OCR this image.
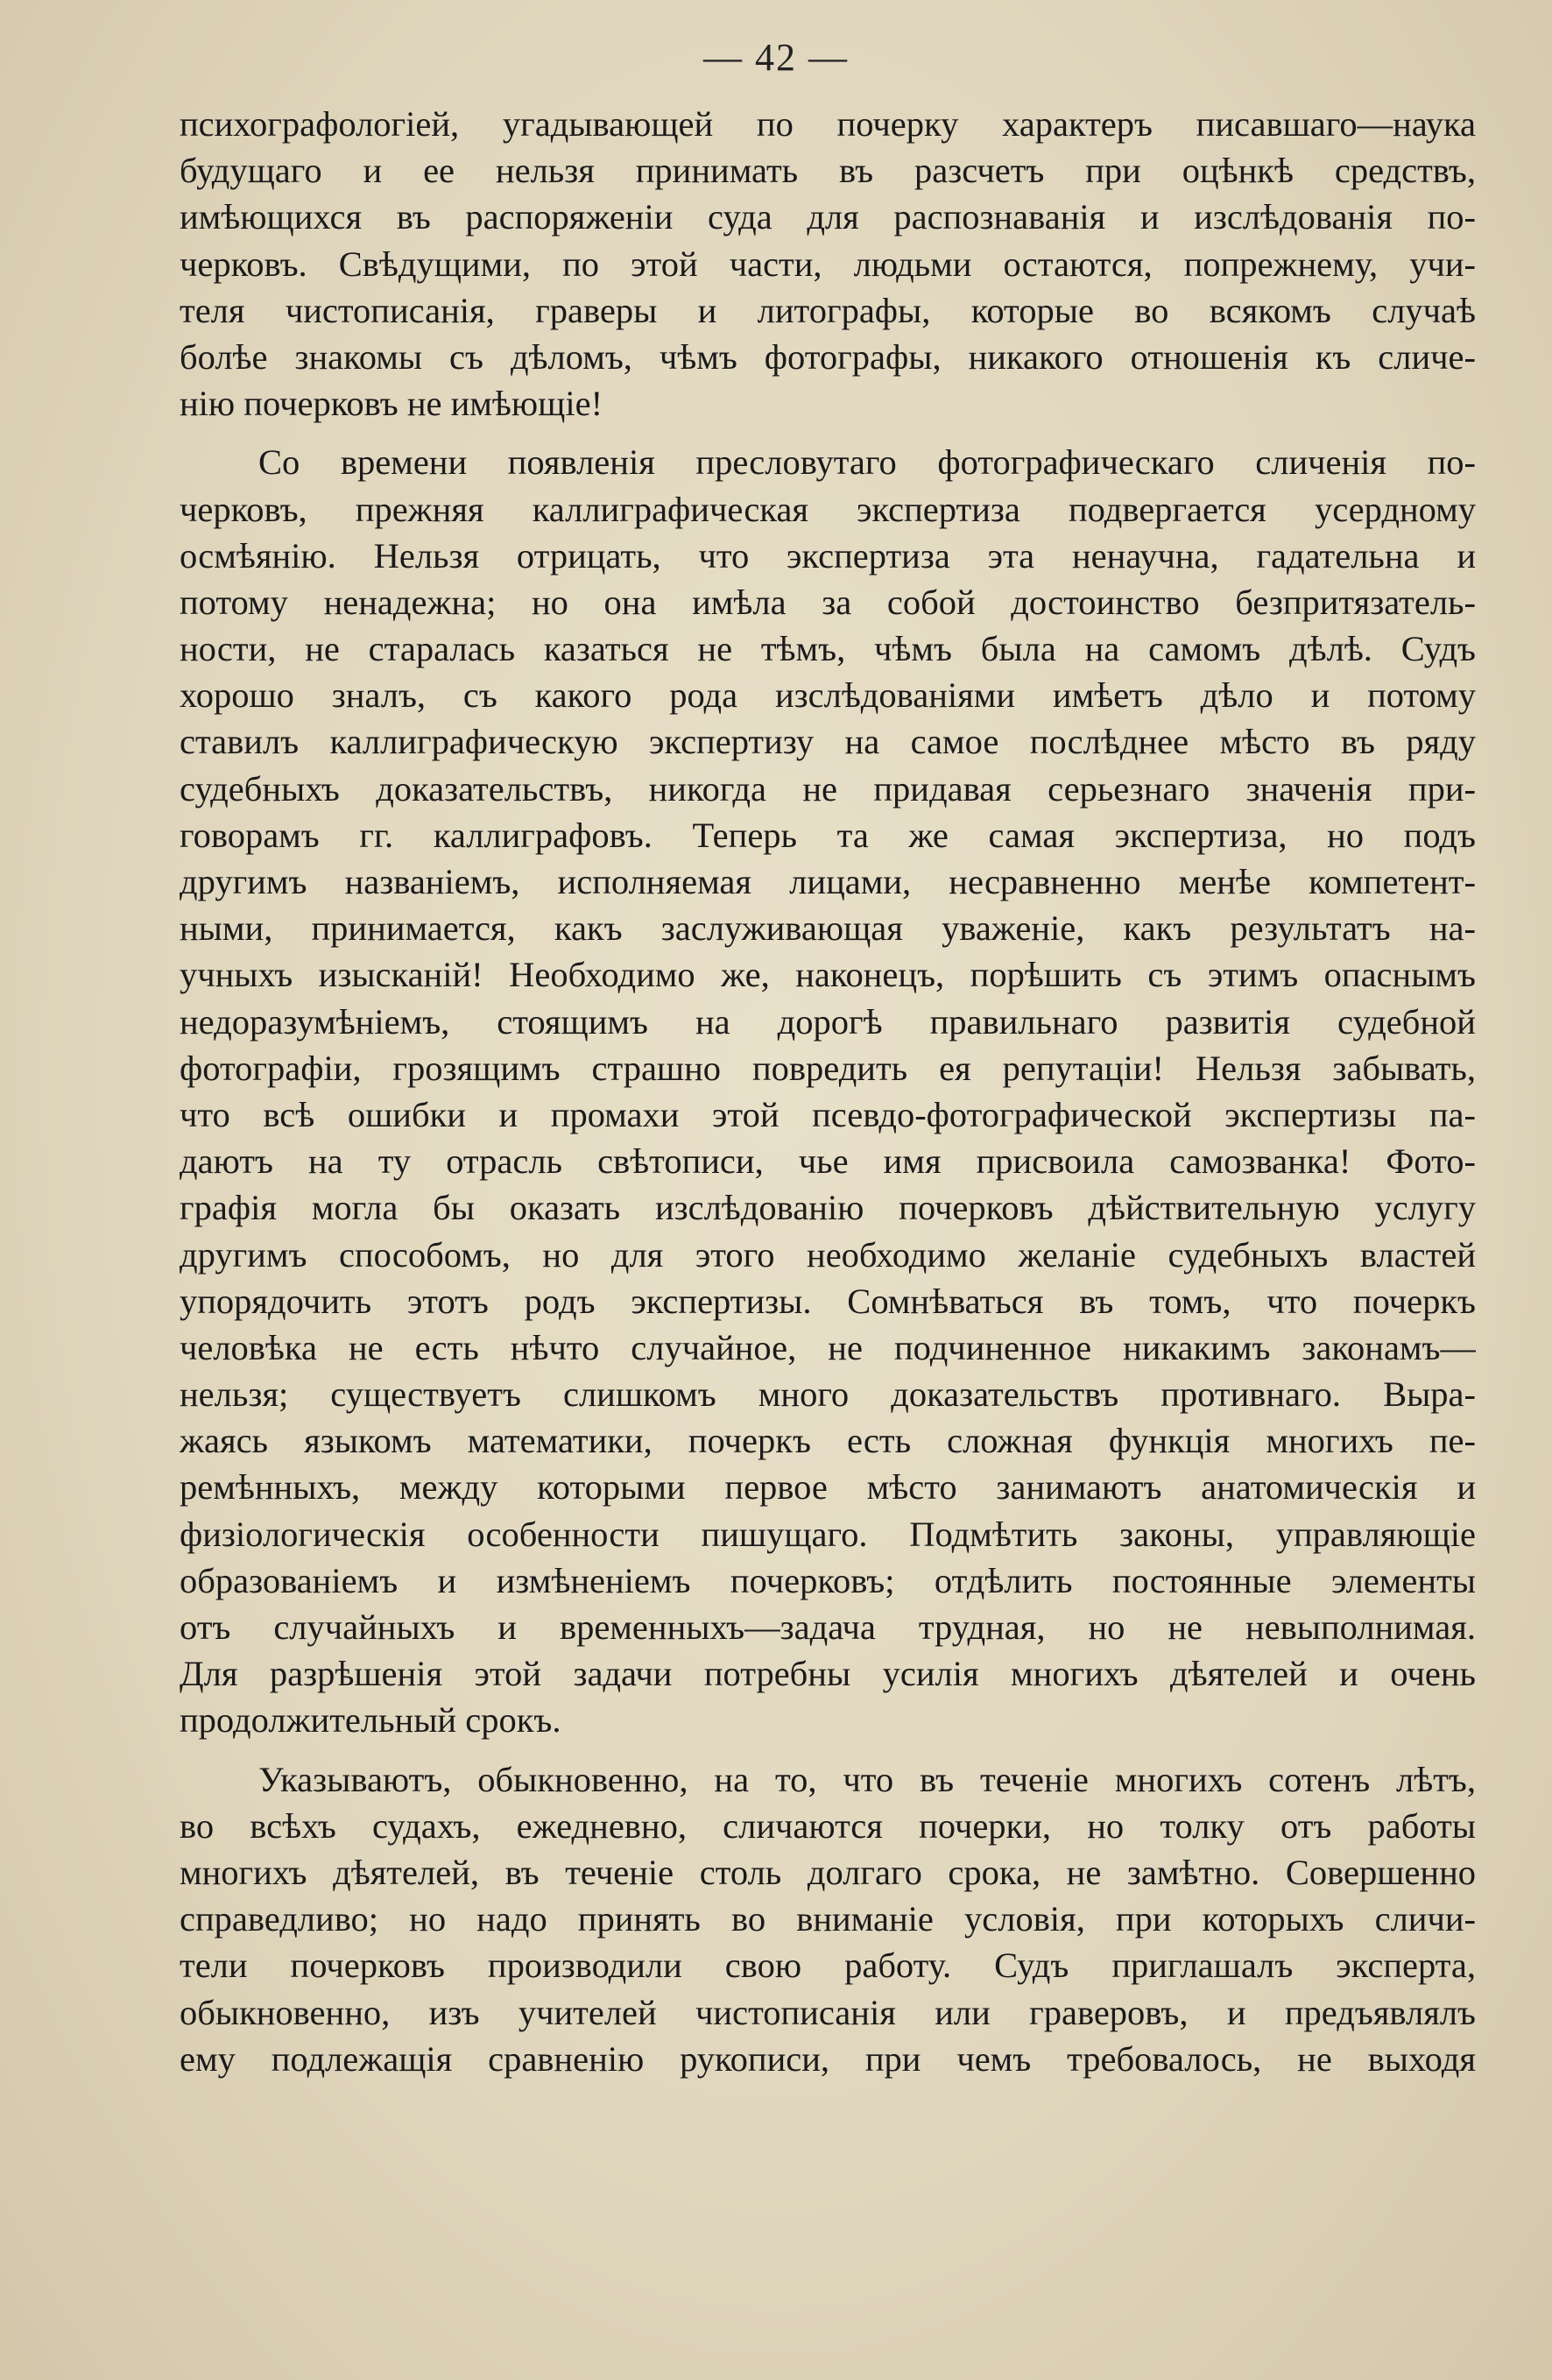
— 42 —
психографологіей, угадывающей по почерку характеръ писавшаго—наука
будущаго и ее нельзя принимать въ разсчетъ при оцѣнкѣ средствъ,
имѣющихся въ распоряженіи суда для распознаванія и изслѣдованія по-
черковъ. Свѣдущими, по этой части, людьми остаются, попрежнему, учи-
теля чистописанія, граверы и литографы, которые во всякомъ случаѣ
болѣе знакомы съ дѣломъ, чѣмъ фотографы, никакого отношенія къ сличе-
нію почерковъ не имѣющіе!
Со времени появленія пресловутаго фотографическаго сличенія по-
черковъ, прежняя каллиграфическая экспертиза подвергается усердному
осмѣянію. Нельзя отрицать, что экспертиза эта ненаучна, гадательна и
потому ненадежна; но она имѣла за собой достоинство безпритязатель-
ности, не старалась казаться не тѣмъ, чѣмъ была на самомъ дѣлѣ. Судъ
хорошо зналъ, съ какого рода изслѣдованіями имѣетъ дѣло и потому
ставилъ каллиграфическую экспертизу на самое послѣднее мѣсто въ ряду
судебныхъ доказательствъ, никогда не придавая серьезнаго значенія при-
говорамъ гг. каллиграфовъ. Теперь та же самая экспертиза, но подъ
другимъ названіемъ, исполняемая лицами, несравненно менѣе компетент-
ными, принимается, какъ заслуживающая уваженіе, какъ результатъ на-
учныхъ изысканій! Необходимо же, наконецъ, порѣшить съ этимъ опаснымъ
недоразумѣніемъ, стоящимъ на дорогѣ правильнаго развитія судебной
фотографіи, грозящимъ страшно повредить ея репутаціи! Нельзя забывать,
что всѣ ошибки и промахи этой псевдо-фотографической экспертизы па-
даютъ на ту отрасль свѣтописи, чье имя присвоила самозванка! Фото-
графія могла бы оказать изслѣдованію почерковъ дѣйствительную услугу
другимъ способомъ, но для этого необходимо желаніе судебныхъ властей
упорядочить этотъ родъ экспертизы. Сомнѣваться въ томъ, что почеркъ
человѣка не есть нѣчто случайное, не подчиненное никакимъ законамъ—
нельзя; существуетъ слишкомъ много доказательствъ противнаго. Выра-
жаясь языкомъ математики, почеркъ есть сложная функція многихъ пе-
ремѣнныхъ, между которыми первое мѣсто занимаютъ анатомическія и
физіологическія особенности пишущаго. Подмѣтить законы, управляющіе
образованіемъ и измѣненіемъ почерковъ; отдѣлить постоянные элементы
отъ случайныхъ и временныхъ—задача трудная, но не невыполнимая.
Для разрѣшенія этой задачи потребны усилія многихъ дѣятелей и очень
продолжительный срокъ.
Указываютъ, обыкновенно, на то, что въ теченіе многихъ сотенъ лѣтъ,
во всѣхъ судахъ, ежедневно, сличаются почерки, но толку отъ работы
многихъ дѣятелей, въ теченіе столь долгаго срока, не замѣтно. Совершенно
справедливо; но надо принять во вниманіе условія, при которыхъ сличи-
тели почерковъ производили свою работу. Судъ приглашалъ эксперта,
обыкновенно, изъ учителей чистописанія или граверовъ, и предъявлялъ
ему подлежащія сравненію рукописи, при чемъ требовалось, не выходя
